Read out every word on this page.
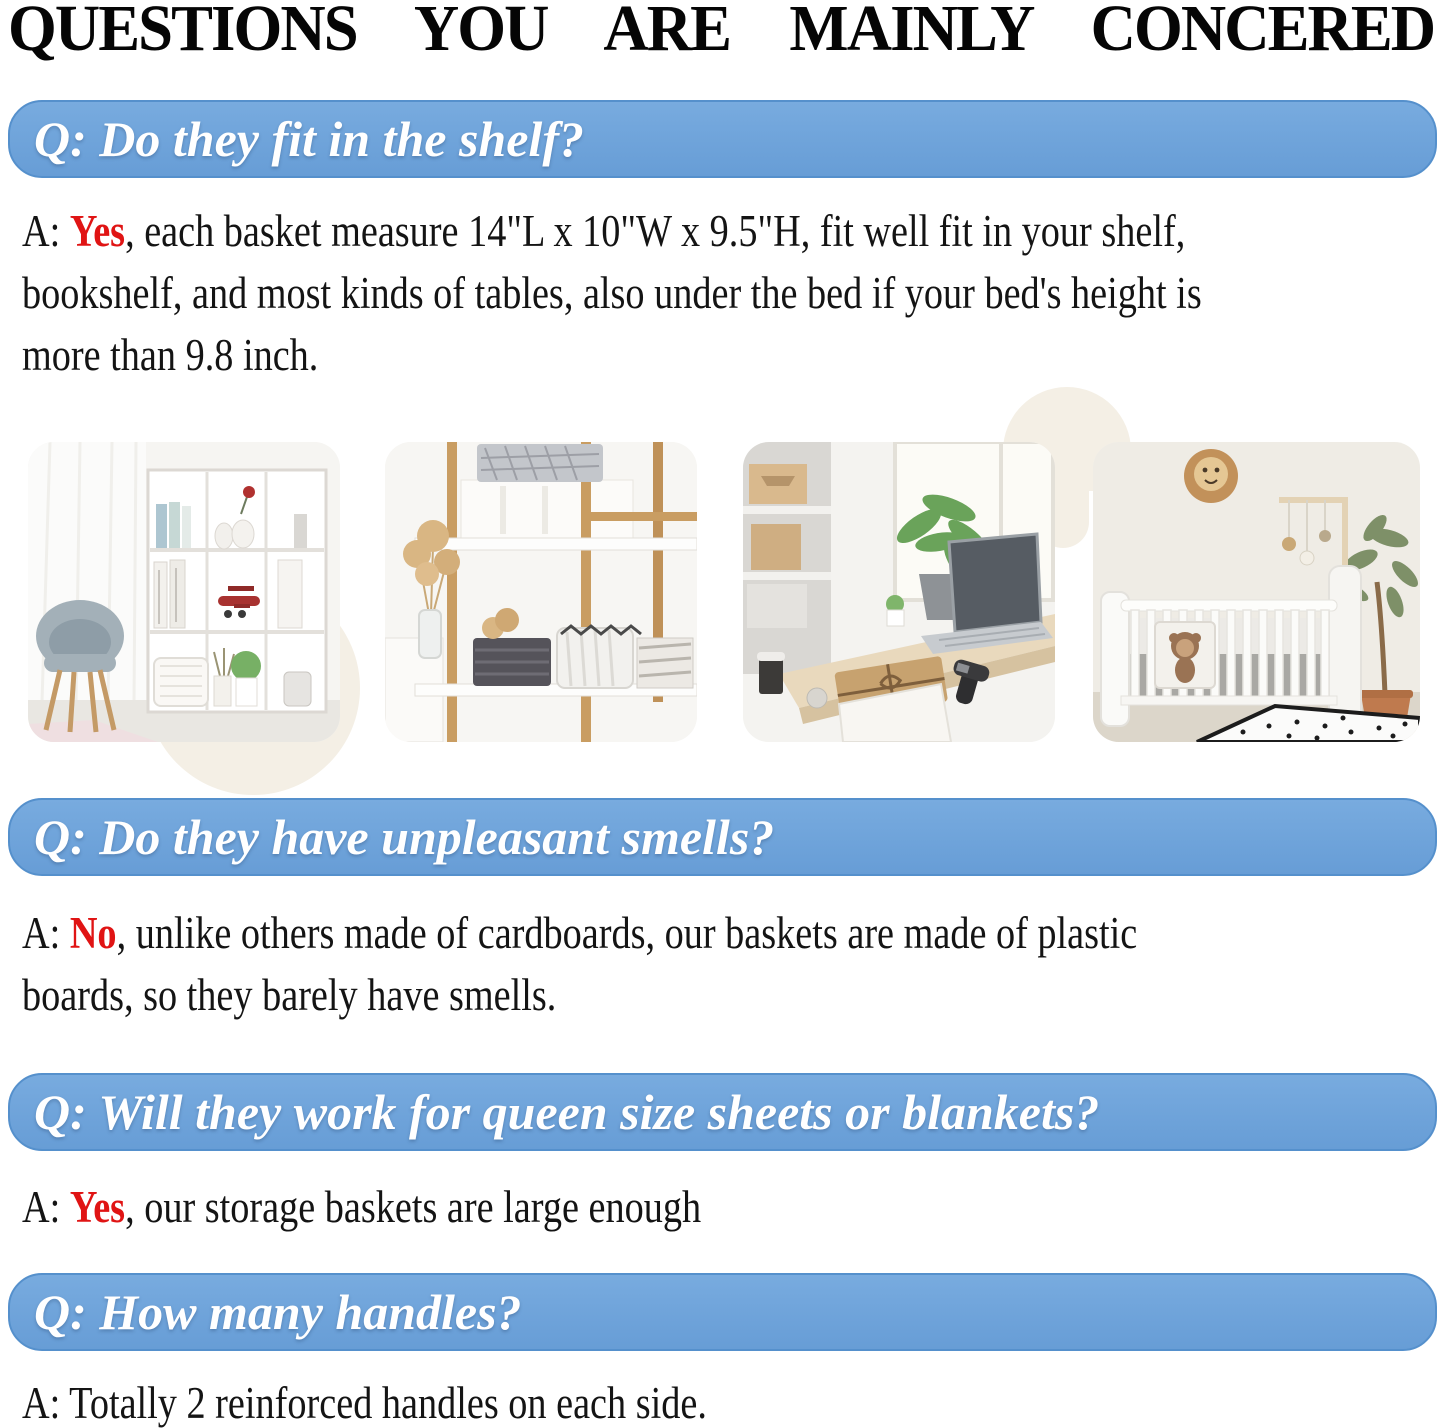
QUESTIONS YOU ARE MAINLY CONCERED
Q: Do they fit in the shelf?
A: Yes, each basket measure 14"L x 10"W x 9.5"H, fit well fit in your shelf,
bookshelf, and most kinds of tables, also under the bed if your bed's height is
more than 9.8 inch.
Q: Do they have unpleasant smells?
A: No, unlike others made of cardboards, our baskets are made of plastic
boards, so they barely have smells.
Q: Will they work for queen size sheets or blankets?
A: Yes, our storage baskets are large enough
Q: How many handles?
A: Totally 2 reinforced handles on each side.
